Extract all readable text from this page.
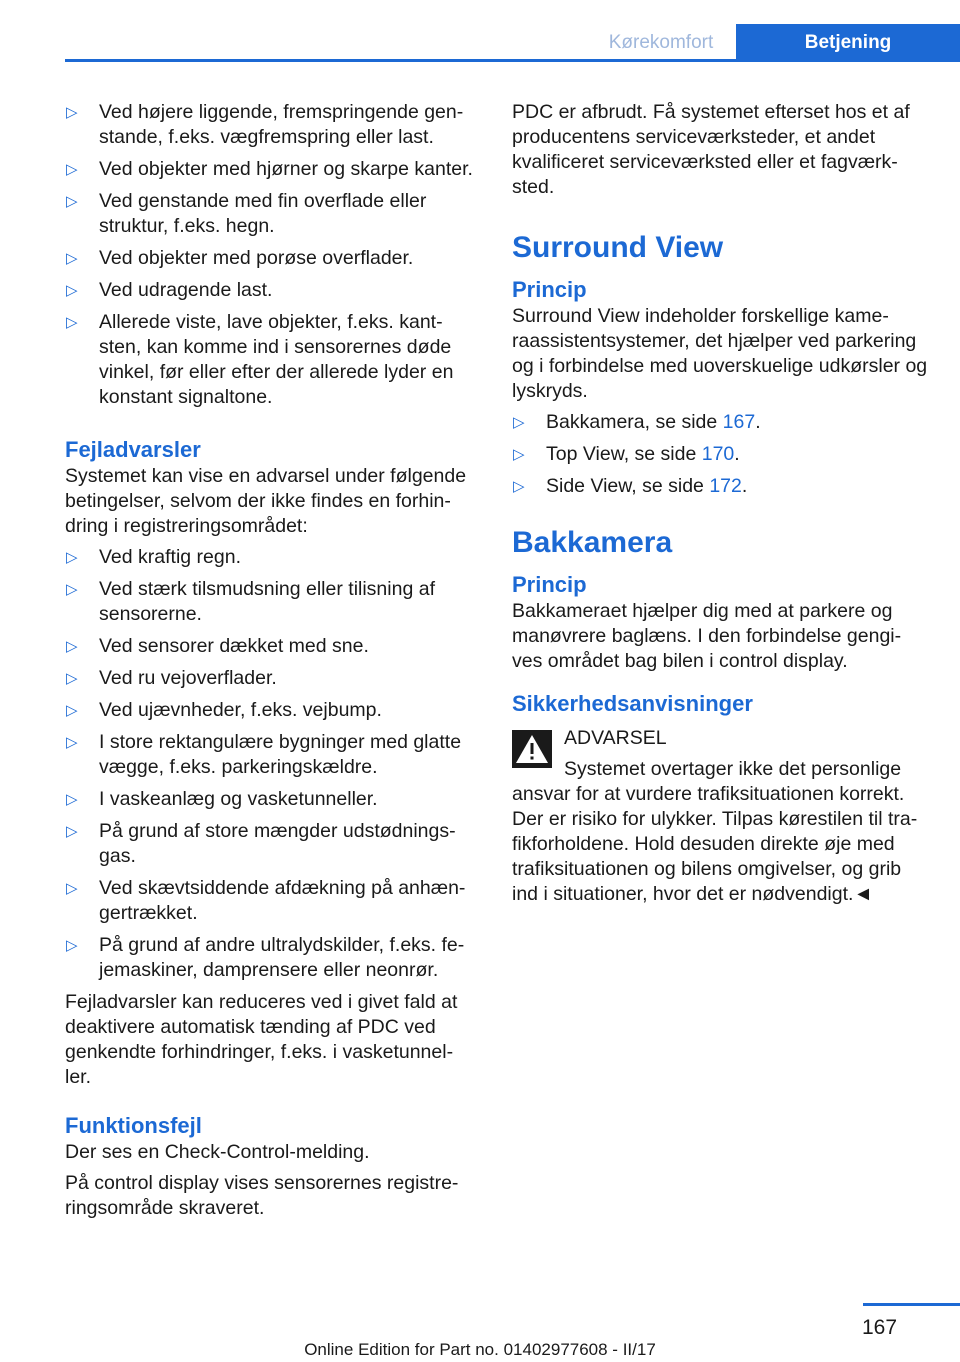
Kørekomfort	Betjening
▷ Ved højere liggende, fremspringende gen- stande, f.eks. vægfremspring eller last.
▷ Ved objekter med hjørner og skarpe kanter.
▷ Ved genstande med fin overflade eller struktur, f.eks. hegn.
▷ Ved objekter med porøse overflader.
▷ Ved udragende last.
▷ Allerede viste, lave objekter, f.eks. kant- sten, kan komme ind i sensorernes døde vinkel, før eller efter der allerede lyder en konstant signaltone.
Fejladvarsler

Systemet kan vise en advarsel under følgende betingelser, selvom der ikke findes en forhin- dring i registreringsområdet:

▷ Ved kraftig regn.
▷ Ved stærk tilsmudsning eller tilisning af sensorerne.
▷ Ved sensorer dækket med sne.
▷ Ved ru vejoverflader.
▷ Ved ujævnheder, f.eks. vejbump.
▷ I store rektangulære bygninger med glatte vægge, f.eks. parkeringskældre.
▷ I vaskeanlæg og vasketunneller.
▷ På grund af store mængder udstødnings- gas.
▷ Ved skævtsiddende afdækning på anhæn- gertrækket.
▷ På grund af andre ultralydskilder, f.eks. fe- jemaskiner, damprensere eller neonrør.

Fejladvarsler kan reduceres ved i givet fald at deaktivere automatisk tænding af PDC ved genkendte forhindringer, f.eks. i vasketunnel- ler.

Funktionsfejl

Der ses en Check-Control-melding.

På control display vises sensorernes registre- ringsområde skraveret.

PDC er afbrudt. Få systemet efterset hos et af producentens serviceværksteder, et andet kvalificeret serviceværksted eller et fagværk- sted.

Surround View
Princip

Surround View indeholder forskellige kame- raassistentsystemer, det hjælper ved parkering og i forbindelse med uoverskuelige udkørsler og lyskryds.

▷ Bakkamera, se side 167.
▷ Top View, se side 170.
▷ Side View, se side 172.
Bakkamera
Princip

Bakkameraet hjælper dig med at parkere og manøvrere baglæns. I den forbindelse gengi- ves området bag bilen i control display.

Sikkerhedsanvisninger
ADVARSEL
Systemet overtager ikke det personlige ansvar for at vurdere trafiksituationen korrekt. Der er risiko for ulykker. Tilpas kørestilen til tra- fikforholdene. Hold desuden direkte øje med trafiksituationen og bilens omgivelser, og grib ind i situationer, hvor det er nødvendigt.◄
167
Online Edition for Part no. 01402977608 - II/17
